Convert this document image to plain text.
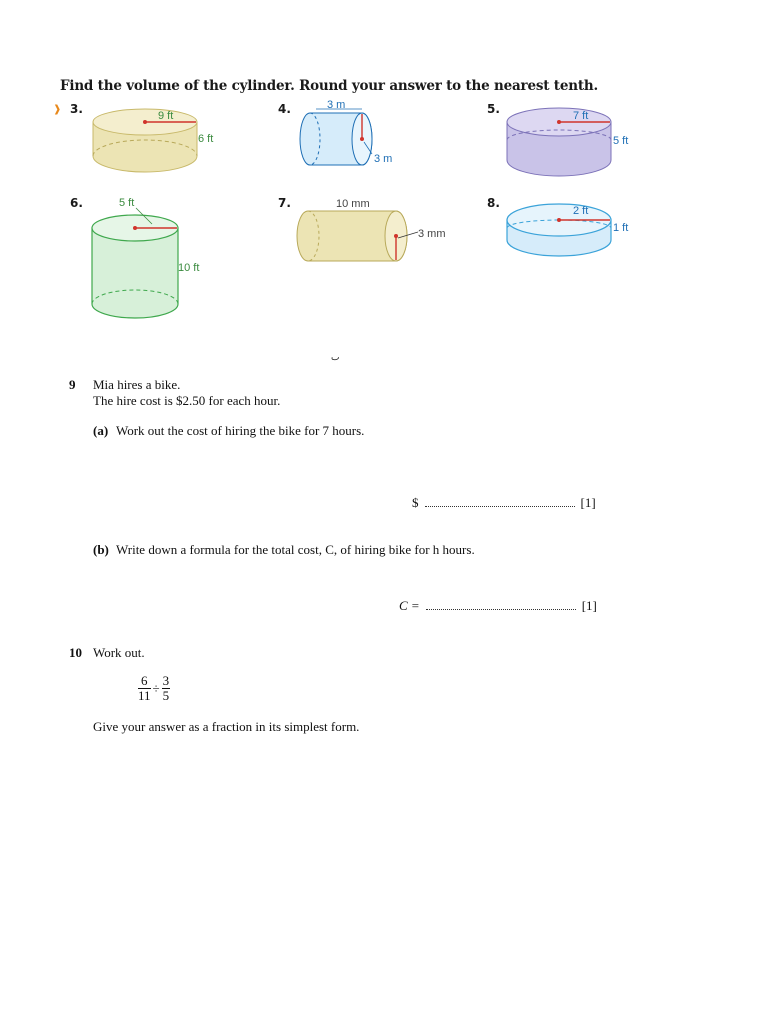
❱
Find the volume of the cylinder. Round your answer to the nearest tenth.
3.	4.	5.
6.	7.	8.
9 ft
6 ft
3 m
3 m
7 ft
5 ft
5 ft
10 ft
10 mm
3 mm
2 ft
1 ft
ٮ
9 Mia hires a bike.
The hire cost is $2.50 for each hour.
(a) Work out the cost of hiring the bike for 7 hours.
$	[1]
(b) Write down a formula for the total cost, C, of hiring bike for h hours.
C =	[1]
10 Work out.
$\frac{6}{11} \div \frac{3}{5}$
Give your answer as a fraction in its simplest form.
